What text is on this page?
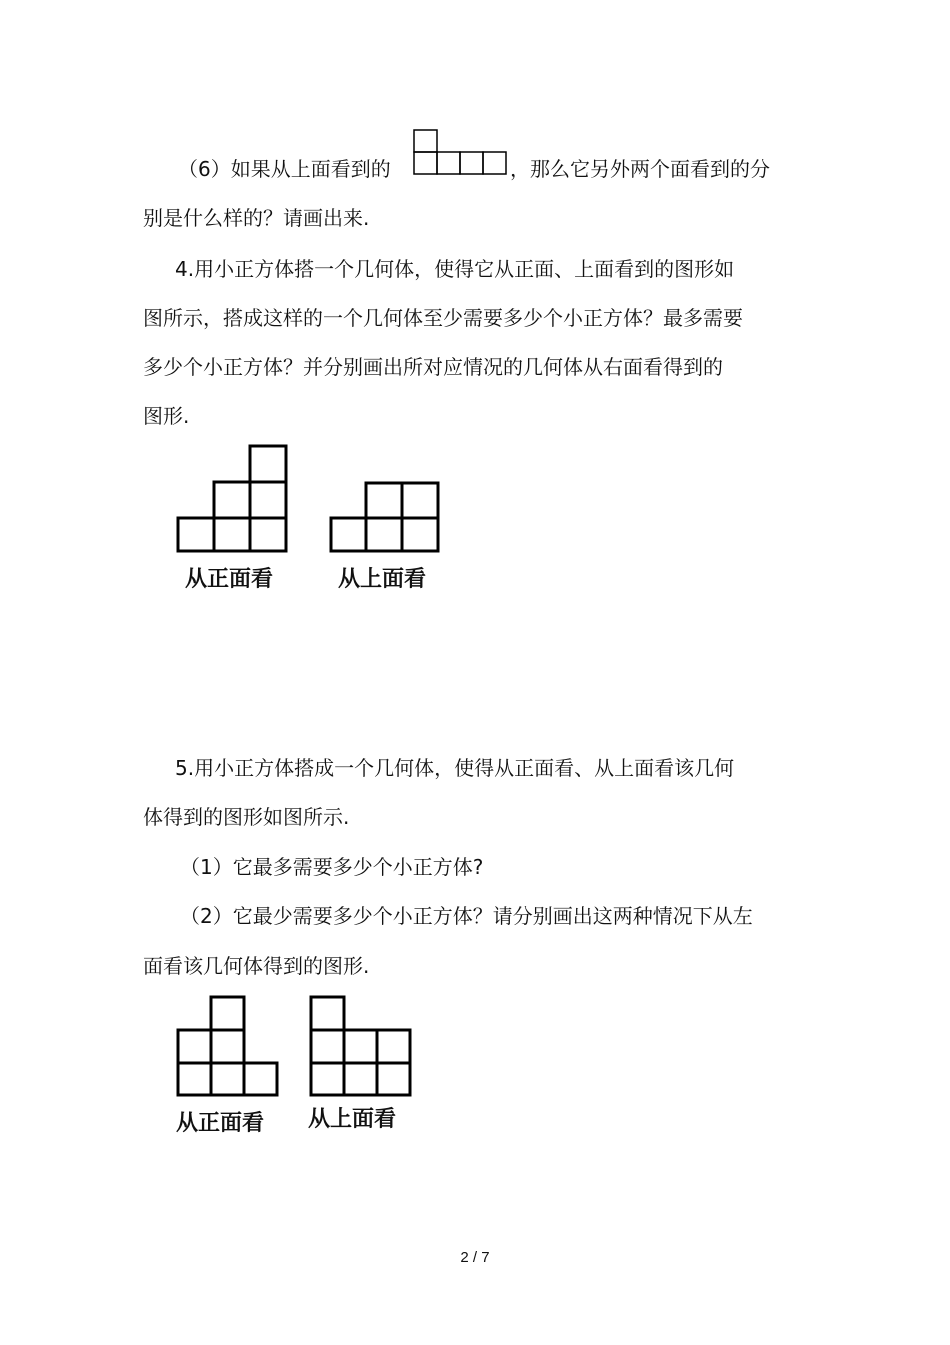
（6）如果从上面看到的	，那么它另外两个面看到的分
别是什么样的？请画出来.
4.用小正方体搭一个几何体，使得它从正面、上面看到的图形如
图所示，搭成这样的一个几何体至少需要多少个小正方体？最多需要
多少个小正方体？并分别画出所对应情况的几何体从右面看得到的
图形.
从正面看	从上面看
5.用小正方体搭成一个几何体，使得从正面看、从上面看该几何
体得到的图形如图所示.
（1）它最多需要多少个小正方体?
（2）它最少需要多少个小正方体？请分别画出这两种情况下从左
面看该几何体得到的图形.
从正面看 从上面看
2 / 7
